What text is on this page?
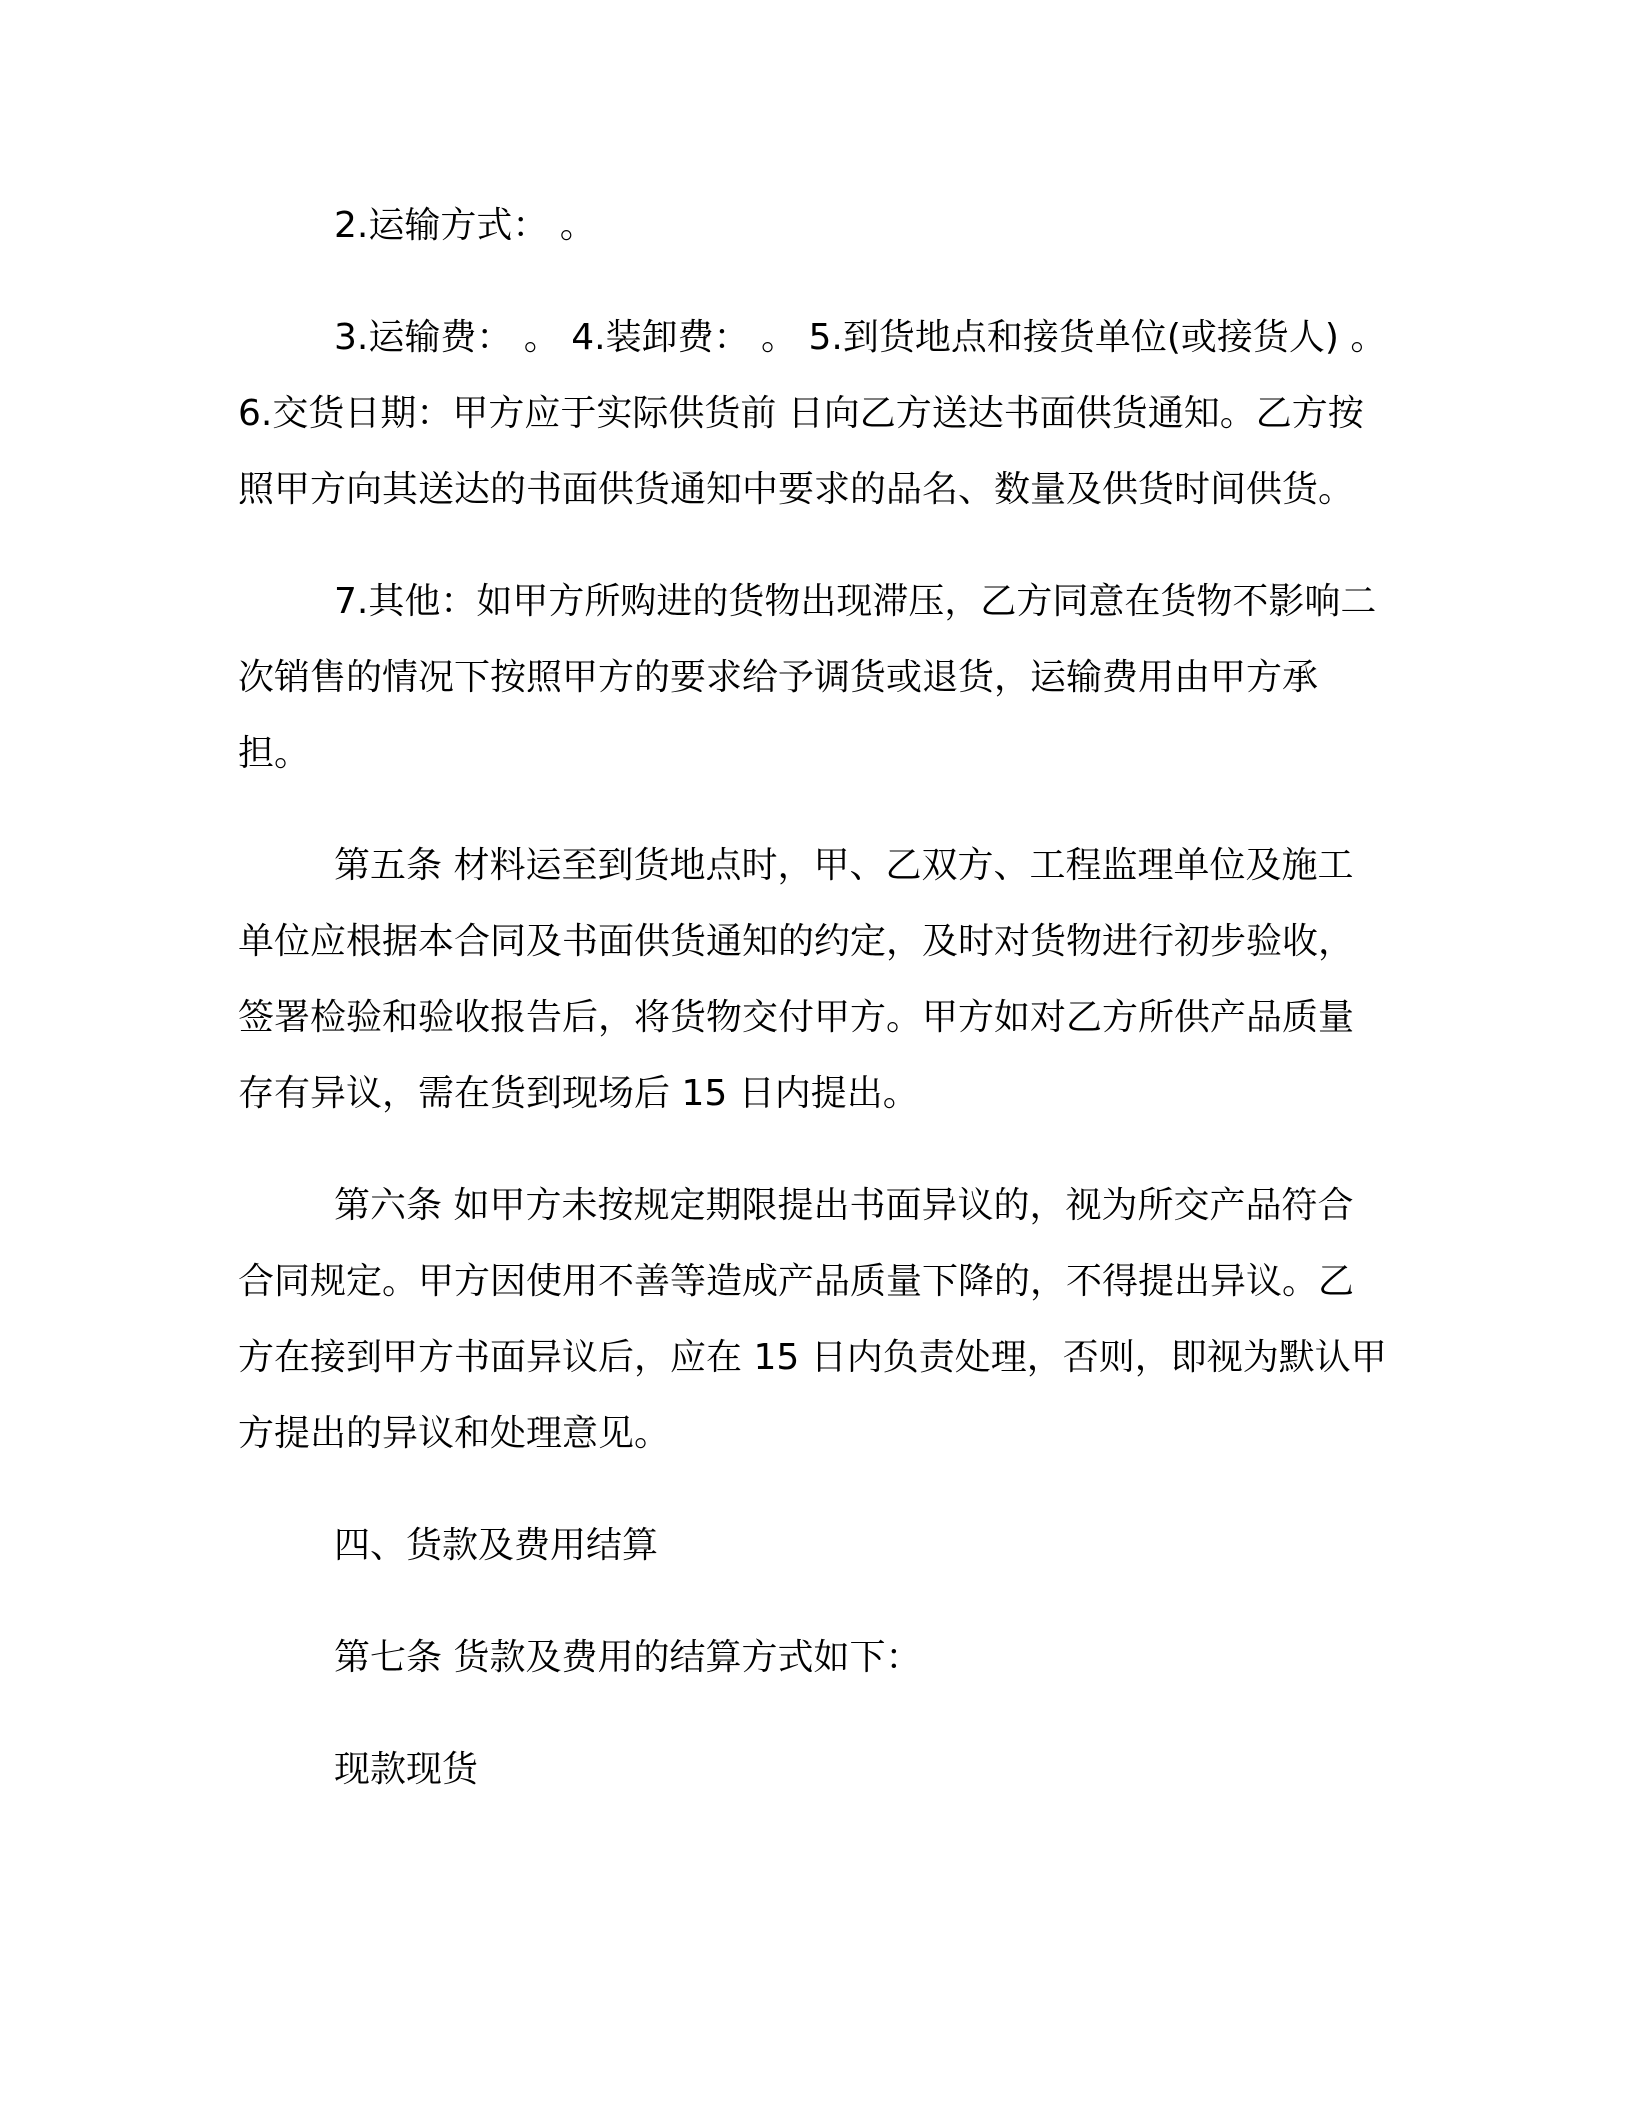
2.运输方式： 。

3.运输费： 。 4.装卸费： 。 5.到货地点和接货单位(或接货人) 。

6.交货日期：甲方应于实际供货前 日向乙方送达书面供货通知。乙方按照甲方向其送达的书面供货通知中要求的品名、数量及供货时间供货。

7.其他：如甲方所购进的货物出现滞压，乙方同意在货物不影响二次销售的情况下按照甲方的要求给予调货或退货，运输费用由甲方承担。

第五条 材料运至到货地点时，甲、乙双方、工程监理单位及施工单位应根据本合同及书面供货通知的约定，及时对货物进行初步验收，签署检验和验收报告后，将货物交付甲方。甲方如对乙方所供产品质量存有异议，需在货到现场后 15 日内提出。

第六条 如甲方未按规定期限提出书面异议的，视为所交产品符合合同规定。甲方因使用不善等造成产品质量下降的，不得提出异议。乙方在接到甲方书面异议后，应在 15 日内负责处理，否则，即视为默认甲方提出的异议和处理意见。

四、货款及费用结算

第七条 货款及费用的结算方式如下：

现款现货
